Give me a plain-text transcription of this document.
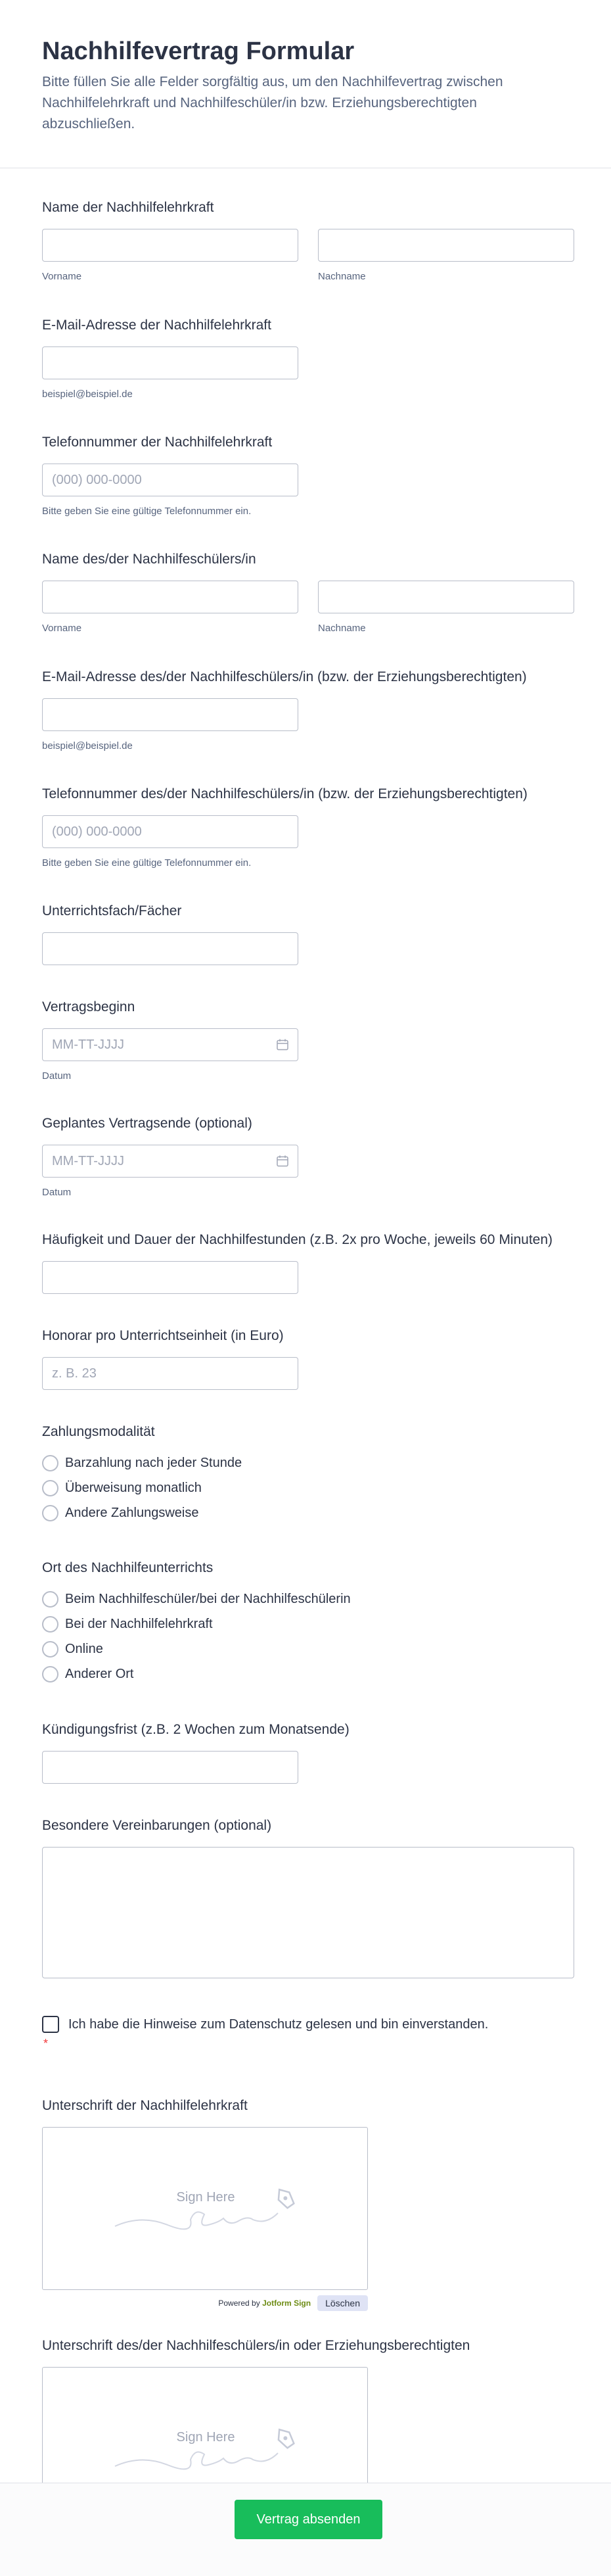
Nachhilfevertrag Formular

Bitte füllen Sie alle Felder sorgfältig aus, um den Nachhilfevertrag zwischen Nachhilfelehrkraft und Nachhilfeschüler/in bzw. Erziehungsberechtigten abzuschließen.

Name der Nachhilfelehrkraft
Vorname	Nachname
E-Mail-Adresse der Nachhilfelehrkraft
beispiel@beispiel.de
Telefonnummer der Nachhilfelehrkraft
(000) 000-0000
Bitte geben Sie eine gültige Telefonnummer ein.
Name des/der Nachhilfeschülers/in
Vorname	Nachname
E-Mail-Adresse des/der Nachhilfeschülers/in (bzw. der Erziehungsberechtigten)
beispiel@beispiel.de
Telefonnummer des/der Nachhilfeschülers/in (bzw. der Erziehungsberechtigten)
(000) 000-0000
Bitte geben Sie eine gültige Telefonnummer ein.
Unterrichtsfach/Fächer
Vertragsbeginn
MM-TT-JJJJ
Datum
Geplantes Vertragsende (optional)
MM-TT-JJJJ
Datum
Häufigkeit und Dauer der Nachhilfestunden (z.B. 2x pro Woche, jeweils 60 Minuten)
Honorar pro Unterrichtseinheit (in Euro)
z. B. 23
Zahlungsmodalität
Barzahlung nach jeder Stunde
Überweisung monatlich
Andere Zahlungsweise
Ort des Nachhilfeunterrichts
Beim Nachhilfeschüler/bei der Nachhilfeschülerin
Bei der Nachhilfelehrkraft
Online
Anderer Ort
Kündigungsfrist (z.B. 2 Wochen zum Monatsende)
Besondere Vereinbarungen (optional)
Ich habe die Hinweise zum Datenschutz gelesen und bin einverstanden.
*
Unterschrift der Nachhilfelehrkraft
Sign Here
Powered by Jotform Sign	Löschen
Unterschrift des/der Nachhilfeschülers/in oder Erziehungsberechtigten
Sign Here
Vertrag absenden
